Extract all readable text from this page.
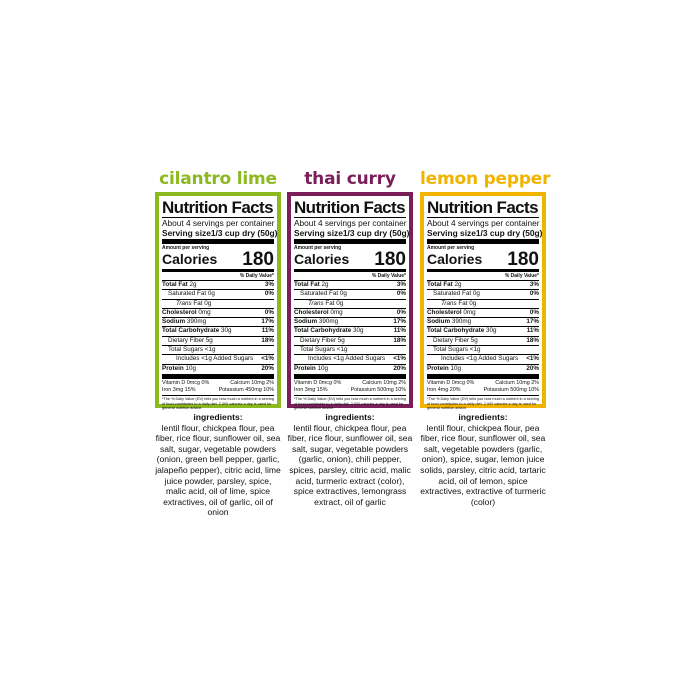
cilantro lime
Nutrition Facts
About 4 servings per container
Serving size 1/3 cup dry (50g)
Amount per serving
Calories 180
% Daily Value*
Total Fat 2g	3%
Saturated Fat 0g	0%
Trans Fat 0g
Cholesterol 0mg	0%
Sodium 390mg	17%
Total Carbohydrate 30g	11%
Dietary Fiber 5g	18%
Total Sugars <1g
Includes <1g Added Sugars <1%
Protein 10g	20%
Vitamin D 0mcg 0%	Calcium 10mg 2%
Iron 3mg 15%	Potassium 450mg 10%
*The % Daily Value (DV) tells you how much a nutrient in a serving of food contributes to a daily diet. 2,000 calories a day is used for general nutrition advice.
ingredients:
lentil flour, chickpea flour, pea fiber, rice flour, sunflower oil, sea salt, sugar, vegetable powders (onion, green bell pepper, garlic, jalapeño pepper), citric acid, lime juice powder, parsley, spice, malic acid, oil of lime, spice extractives, oil of garlic, oil of onion
thai curry
Nutrition Facts
About 4 servings per container
Serving size 1/3 cup dry (50g)
Amount per serving
Calories 180
% Daily Value*
Total Fat 2g	3%
Saturated Fat 0g	0%
Trans Fat 0g
Cholesterol 0mg	0%
Sodium 390mg	17%
Total Carbohydrate 30g	11%
Dietary Fiber 5g	18%
Total Sugars <1g
Includes <1g Added Sugars <1%
Protein 10g	20%
Vitamin D 0mcg 0%	Calcium 10mg 2%
Iron 3mg 15%	Potassium 500mg 10%
*The % Daily Value (DV) tells you how much a nutrient in a serving of food contributes to a daily diet. 2,000 calories a day is used for general nutrition advice.
ingredients:
lentil flour, chickpea flour, pea fiber, rice flour, sunflower oil, sea salt, sugar, vegetable powders (garlic, onion), chili pepper, spices, parsley, citric acid, malic acid, turmeric extract (color), spice extractives, lemongrass extract, oil of garlic
lemon pepper
Nutrition Facts
About 4 servings per container
Serving size 1/3 cup dry (50g)
Amount per serving
Calories 180
% Daily Value*
Total Fat 2g	3%
Saturated Fat 0g	0%
Trans Fat 0g
Cholesterol 0mg	0%
Sodium 390mg	17%
Total Carbohydrate 30g	11%
Dietary Fiber 5g	18%
Total Sugars <1g
Includes <1g Added Sugars <1%
Protein 10g	20%
Vitamin D 0mcg 0%	Calcium 10mg 2%
Iron 4mg 20%	Potassium 500mg 10%
*The % Daily Value (DV) tells you how much a nutrient in a serving of food contributes to a daily diet. 2,000 calories a day is used for general nutrition advice.
ingredients:
lentil flour, chickpea flour, pea fiber, rice flour, sunflower oil, sea salt, vegetable powders (garlic, onion), spice, sugar, lemon juice solids, parsley, citric acid, tartaric acid, oil of lemon, spice extractives, extractive of turmeric (color)
